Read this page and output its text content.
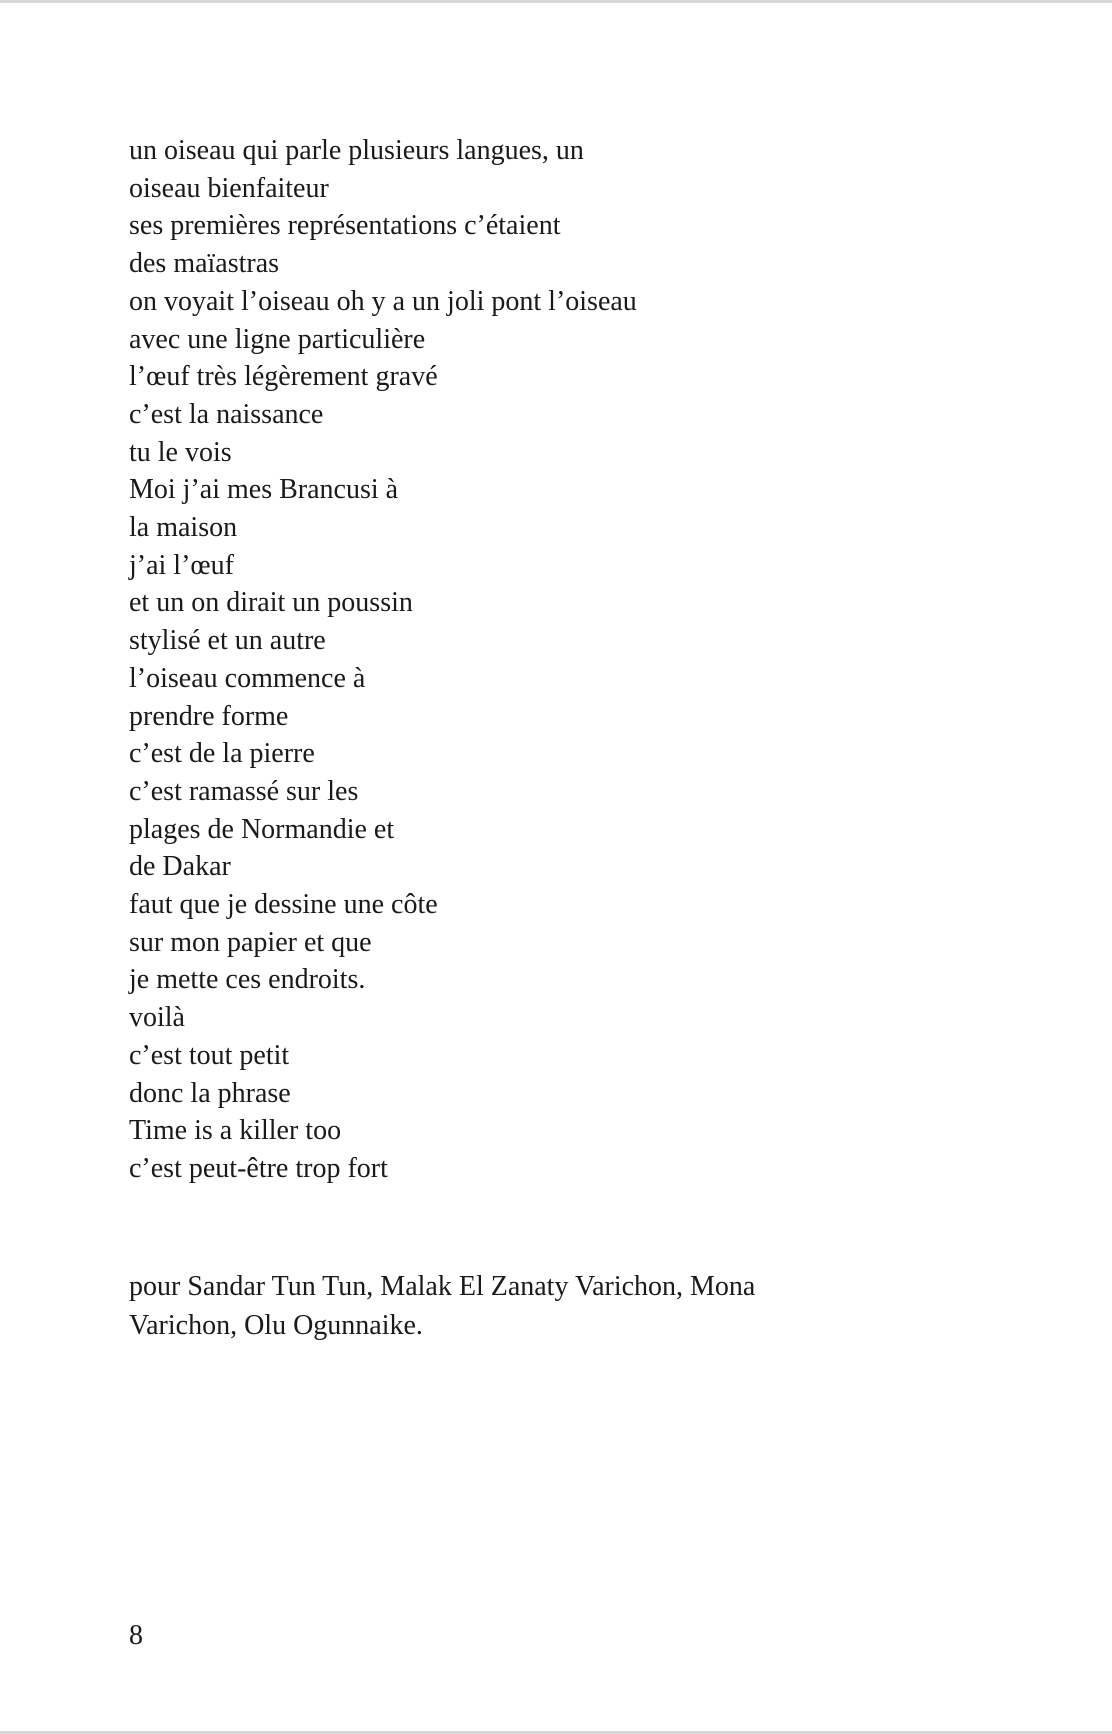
un oiseau qui parle plusieurs langues, un
oiseau bienfaiteur
ses premières représentations c’étaient
des maïastras
on voyait l’oiseau oh y a un joli pont l’oiseau
avec une ligne particulière
l’œuf très légèrement gravé
c’est la naissance
tu le vois
Moi j’ai mes Brancusi à
la maison
j’ai l’œuf
et un on dirait un poussin
stylisé et un autre
l’oiseau commence à
prendre forme
c’est de la pierre
c’est ramassé sur les
plages de Normandie et
de Dakar
faut que je dessine une côte
sur mon papier et que
je mette ces endroits.
voilà
c’est tout petit
donc la phrase
Time is a killer too
c’est peut-être trop fort
pour Sandar Tun Tun, Malak El Zanaty Varichon, Mona
Varichon, Olu Ogunnaike.
8
